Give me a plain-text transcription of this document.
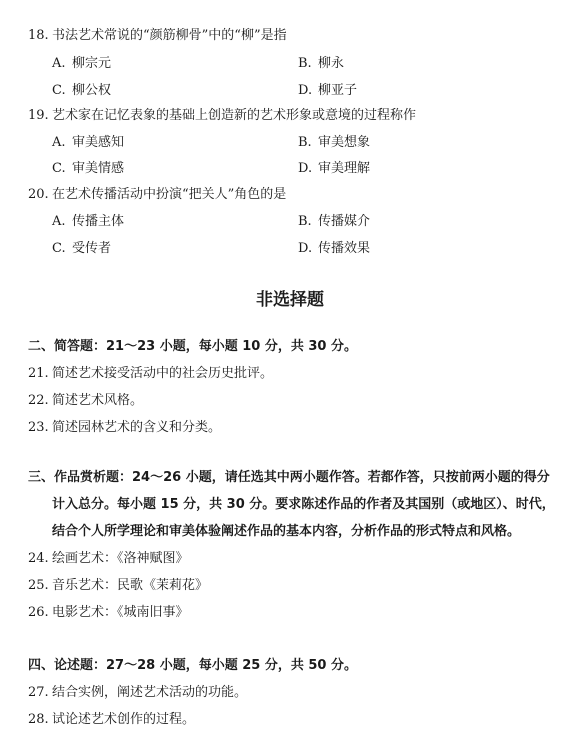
18. 书法艺术常说的“颜筋柳骨”中的“柳”是指
A. 柳宗元	B. 柳永
C. 柳公权	D. 柳亚子
19. 艺术家在记忆表象的基础上创造新的艺术形象或意境的过程称作
A. 审美感知	B. 审美想象
C. 审美情感	D. 审美理解
20. 在艺术传播活动中扮演“把关人”角色的是
A. 传播主体	B. 传播媒介
C. 受传者	D. 传播效果
非选择题
二、简答题：21～23 小题，每小题 10 分，共 30 分。
21. 简述艺术接受活动中的社会历史批评。
22. 简述艺术风格。
23. 简述园林艺术的含义和分类。
三、作品赏析题：24～26 小题，请任选其中两小题作答。若都作答，只按前两小题的得分
计入总分。每小题 15 分，共 30 分。要求陈述作品的作者及其国别（或地区）、时代，
结合个人所学理论和审美体验阐述作品的基本内容，分析作品的形式特点和风格。
24. 绘画艺术：《洛神赋图》
25. 音乐艺术：民歌《茉莉花》
26. 电影艺术：《城南旧事》
四、论述题：27～28 小题，每小题 25 分，共 50 分。
27. 结合实例，阐述艺术活动的功能。
28. 试论述艺术创作的过程。
